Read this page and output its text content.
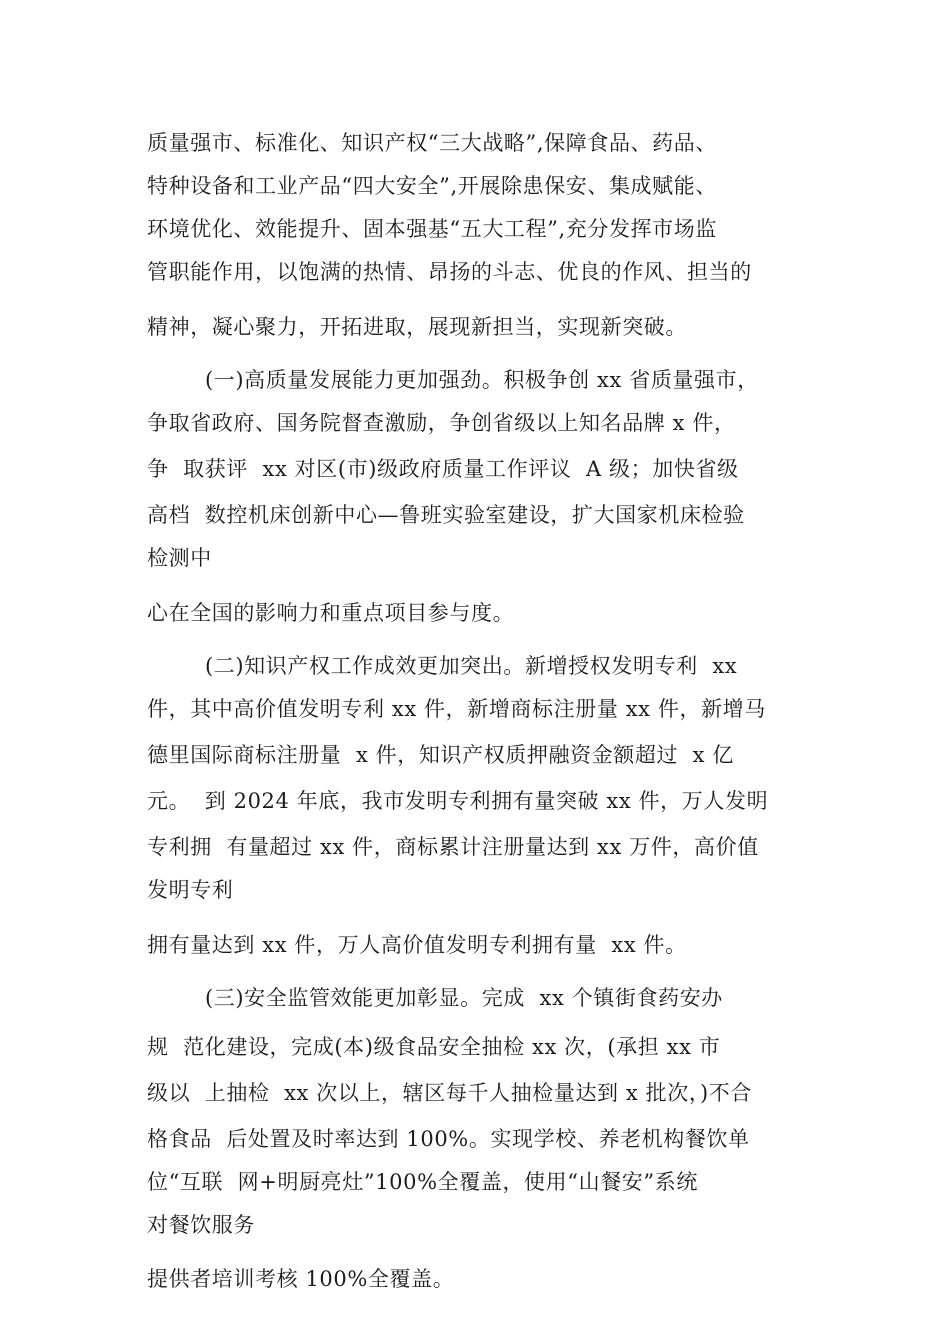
质量强市、标准化、知识产权“三大战略”,保障食品、药品、

特种设备和工业产品“四大安全”,开展除患保安、集成赋能、

环境优化、效能提升、固本强基“五大工程”,充分发挥市场监

管职能作用，以饱满的热情、昂扬的斗志、优良的作风、担当的

精神，凝心聚力，开拓进取，展现新担当，实现新突破。

(一)高质量发展能力更加强劲。积极争创 xx 省质量强市，

争取省政府、国务院督查激励，争创省级以上知名品牌 x 件，

争  取获评  xx 对区(市)级政府质量工作评议  A 级；加快省级

高档  数控机床创新中心—鲁班实验室建设，扩大国家机床检验

检测中

心在全国的影响力和重点项目参与度。

(二)知识产权工作成效更加突出。新增授权发明专利  xx

件，其中高价值发明专利 xx 件，新增商标注册量 xx 件，新增马

德里国际商标注册量  x 件，知识产权质押融资金额超过  x 亿

元。  到 2024 年底，我市发明专利拥有量突破 xx 件，万人发明

专利拥  有量超过 xx 件，商标累计注册量达到 xx 万件，高价值

发明专利

拥有量达到 xx 件，万人高价值发明专利拥有量  xx 件。

(三)安全监管效能更加彰显。完成  xx 个镇街食药安办

规  范化建设，完成(本)级食品安全抽检 xx 次，(承担 xx 市

级以  上抽检  xx 次以上，辖区每千人抽检量达到 x 批次，)不合

格食品  后处置及时率达到 100%。实现学校、养老机构餐饮单

位“互联  网+明厨亮灶”100%全覆盖，使用“山餐安”系统

对餐饮服务

提供者培训考核 100%全覆盖。
